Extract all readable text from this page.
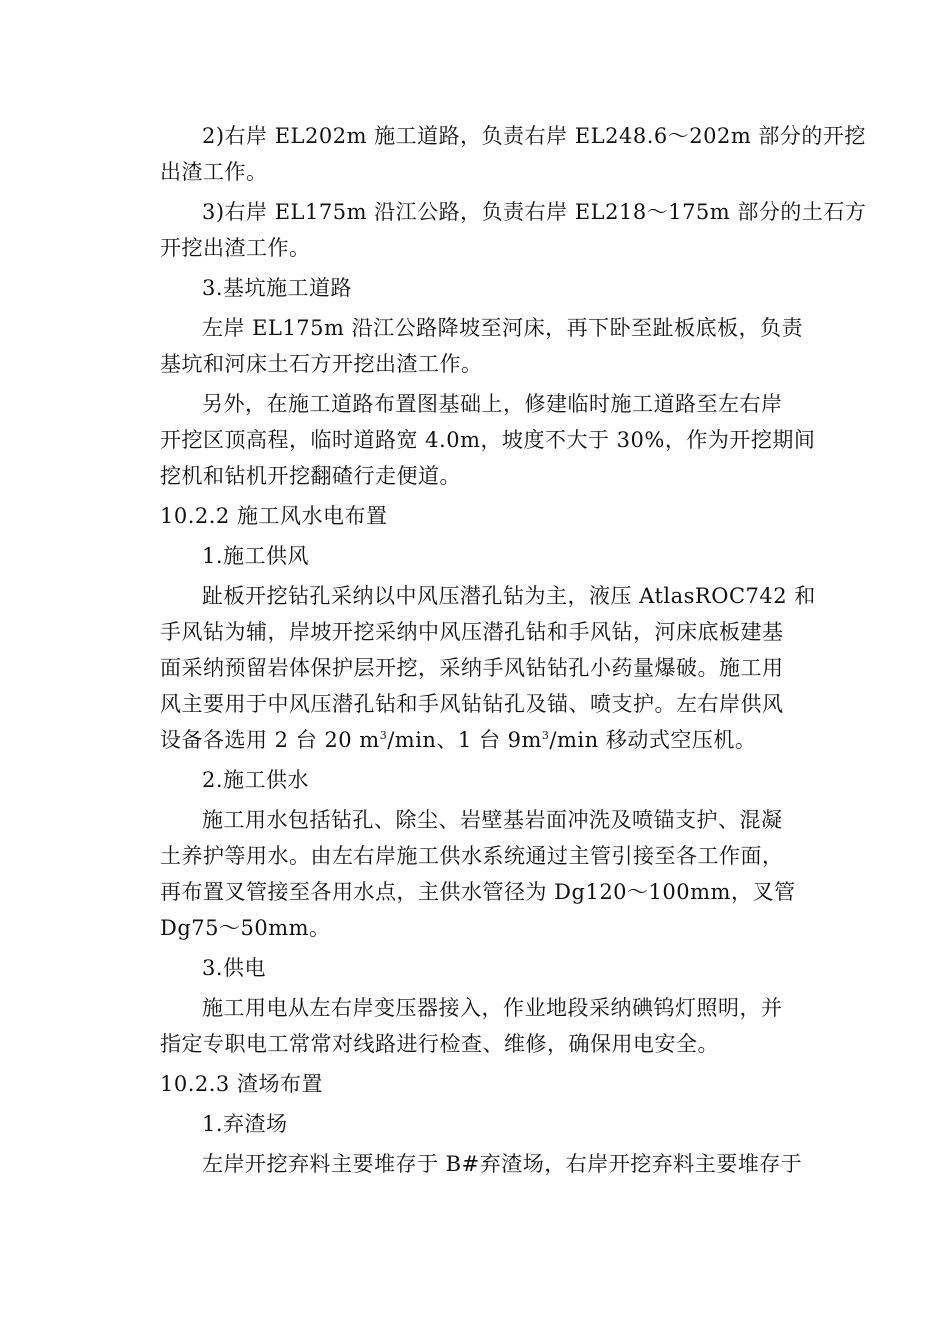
2)右岸 EL202m 施工道路，负责右岸 EL248.6～202m 部分的开挖
出渣工作。

3)右岸 EL175m 沿江公路，负责右岸 EL218～175m 部分的土石方
开挖出渣工作。

3.基坑施工道路

左岸 EL175m 沿江公路降坡至河床，再下卧至趾板底板，负责
基坑和河床土石方开挖出渣工作。

另外，在施工道路布置图基础上，修建临时施工道路至左右岸
开挖区顶高程，临时道路宽 4.0m，坡度不大于 30%，作为开挖期间
挖机和钻机开挖翻碴行走便道。

10.2.2 施工风水电布置

1.施工供风

趾板开挖钻孔采纳以中风压潜孔钻为主，液压 AtlasROC742 和
手风钻为辅，岸坡开挖采纳中风压潜孔钻和手风钻，河床底板建基
面采纳预留岩体保护层开挖，采纳手风钻钻孔小药量爆破。施工用
风主要用于中风压潜孔钻和手风钻钻孔及锚、喷支护。左右岸供风
设备各选用 2 台 20 $m^3/\min$、1 台 $9m^3/\min$ 移动式空压机。

2.施工供水

施工用水包括钻孔、除尘、岩壁基岩面冲洗及喷锚支护、混凝
土养护等用水。由左右岸施工供水系统通过主管引接至各工作面，
再布置叉管接至各用水点，主供水管径为 Dg120～100mm，叉管
Dg75～50mm。

3.供电

施工用电从左右岸变压器接入，作业地段采纳碘钨灯照明，并
指定专职电工常常对线路进行检查、维修，确保用电安全。

10.2.3 渣场布置

1.弃渣场

左岸开挖弃料主要堆存于 B#弃渣场，右岸开挖弃料主要堆存于
